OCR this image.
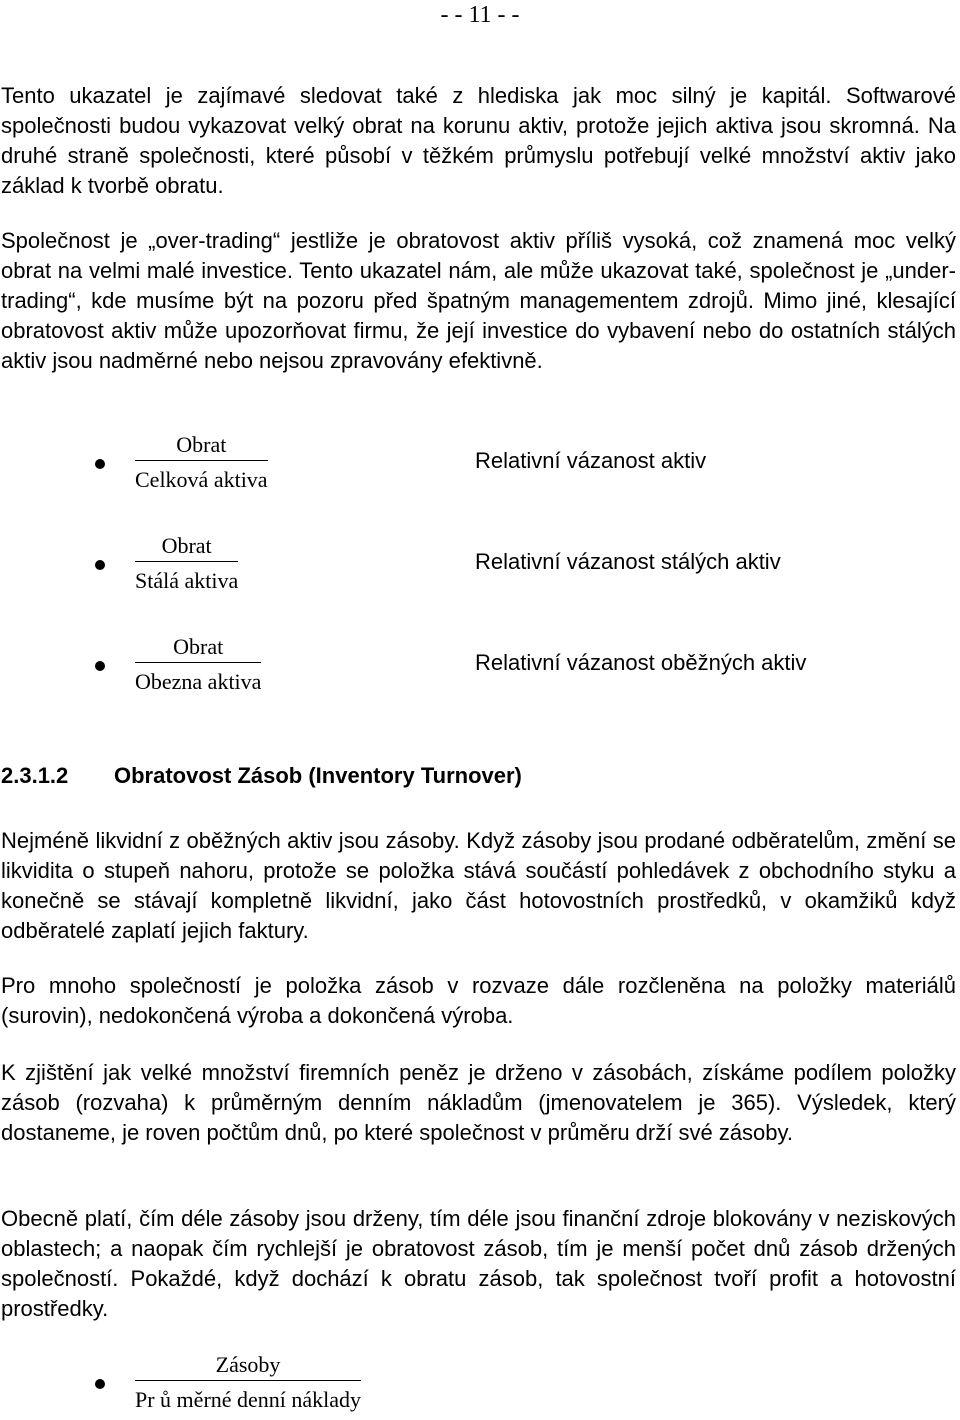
- - 11 - -

Tento ukazatel je zajímavé sledovat také z hlediska jak moc silný je kapitál. Softwarové společnosti budou vykazovat velký obrat na korunu aktiv, protože jejich aktiva jsou skromná. Na druhé straně společnosti, které působí v těžkém průmyslu potřebují velké množství aktiv jako základ k tvorbě obratu.

Společnost je „over-trading“ jestliže je obratovost aktiv příliš vysoká, což znamená moc velký obrat na velmi malé investice. Tento ukazatel nám, ale může ukazovat také, společnost je „under-trading“, kde musíme být na pozoru před špatným managementem zdrojů. Mimo jiné, klesající obratovost aktiv může upozorňovat firmu, že její investice do vybavení nebo do ostatních stálých aktiv jsou nadměrné nebo nejsou zpravovány efektivně.

Obrat
Celková aktiva
Relativní vázanost aktiv
Obrat
Stálá aktiva
Relativní vázanost stálých aktiv
Obrat
Obezna aktiva
Relativní vázanost oběžných aktiv
2.3.1.2 Obratovost Zásob (Inventory Turnover)

Nejméně likvidní z oběžných aktiv jsou zásoby. Když zásoby jsou prodané odběratelům, změní se likvidita o stupeň nahoru, protože se položka stává součástí pohledávek z obchodního styku a konečně se stávají kompletně likvidní, jako část hotovostních prostředků, v okamžiků když odběratelé zaplatí jejich faktury.

Pro mnoho společností je položka zásob v rozvaze dále rozčleněna na položky materiálů (surovin), nedokončená výroba a dokončená výroba.

K zjištění jak velké množství firemních peněz je drženo v zásobách, získáme podílem položky zásob (rozvaha) k průměrným denním nákladům (jmenovatelem je 365). Výsledek, který dostaneme, je roven počtům dnů, po které společnost v průměru drží své zásoby.

Obecně platí, čím déle zásoby jsou drženy, tím déle jsou finanční zdroje blokovány v neziskových oblastech; a naopak čím rychlejší je obratovost zásob, tím je menší počet dnů zásob držených společností. Pokaždé, když dochází k obratu zásob, tak společnost tvoří profit a hotovostní prostředky.

Zásoby
Pr ů měrné denní náklady
